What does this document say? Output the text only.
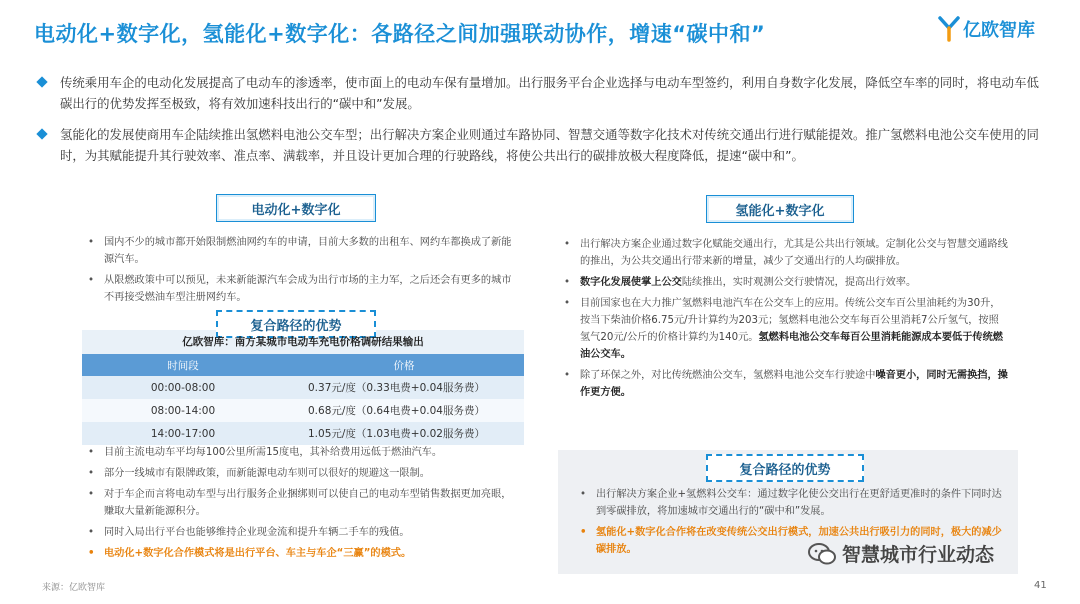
电动化+数字化，氢能化+数字化：各路径之间加强联动协作，增速“碳中和”	亿欧智库
传统乘用车企的电动化发展提高了电动车的渗透率，使市面上的电动车保有量增加。出行服务平台企业选择与电动车型签约，利用自身数字化发展，降低空车率的同时，将电动车低碳出行的优势发挥至极致，将有效加速科技出行的“碳中和”发展。
氢能化的发展使商用车企陆续推出氢燃料电池公交车型；出行解决方案企业则通过车路协同、智慧交通等数字化技术对传统交通出行进行赋能提效。推广氢燃料电池公交车使用的同时，为其赋能提升其行驶效率、准点率、满载率，并且设计更加合理的行驶路线，将使公共出行的碳排放极大程度降低，提速“碳中和”。
电动化+数字化
• 国内不少的城市都开始限制燃油网约车的申请，目前大多数的出租车、网约车都换成了新能源汽车。
• 从限燃政策中可以预见，未来新能源汽车会成为出行市场的主力军，之后还会有更多的城市不再接受燃油车型注册网约车。
复合路径的优势
亿欧智库：南方某城市电动车充电价格调研结果输出
时间段	价格
00:00-08:00	0.37元/度（0.33电费+0.04服务费）
08:00-14:00	0.68元/度（0.64电费+0.04服务费）
14:00-17:00	1.05元/度（1.03电费+0.02服务费）
• 目前主流电动车平均每100公里所需15度电，其补给费用远低于燃油汽车。
• 部分一线城市有限牌政策，而新能源电动车则可以很好的规避这一限制。
• 对于车企而言将电动车型与出行服务企业捆绑则可以使自己的电动车型销售数据更加亮眼，赚取大量新能源积分。
• 同时入局出行平台也能够维持企业现金流和提升车辆二手车的残值。
• 电动化+数字化合作模式将是出行平台、车主与车企“三赢”的模式。
氢能化+数字化
• 出行解决方案企业通过数字化赋能交通出行，尤其是公共出行领域。定制化公交与智慧交通路线的推出，为公共交通出行带来新的增量，减少了交通出行的人均碳排放。
• 数字化发展使掌上公交陆续推出，实时观测公交行驶情况，提高出行效率。
• 目前国家也在大力推广氢燃料电池汽车在公交车上的应用。传统公交车百公里油耗约为30升，按当下柴油价格6.75元/升计算约为203元；氢燃料电池公交车每百公里消耗7公斤氢气，按照氢气20元/公斤的价格计算约为140元。氢燃料电池公交车每百公里消耗能源成本要低于传统燃油公交车。
• 除了环保之外，对比传统燃油公交车，氢燃料电池公交车行驶途中噪音更小，同时无需换挡，操作更方便。
复合路径的优势
• 出行解决方案企业+氢燃料公交车：通过数字化使公交出行在更舒适更准时的条件下同时达到零碳排放，将加速城市交通出行的“碳中和”发展。
• 氢能化+数字化合作将在改变传统公交出行模式，加速公共出行吸引力的同时，极大的减少碳排放。
来源：亿欧智库	41
智慧城市行业动态
